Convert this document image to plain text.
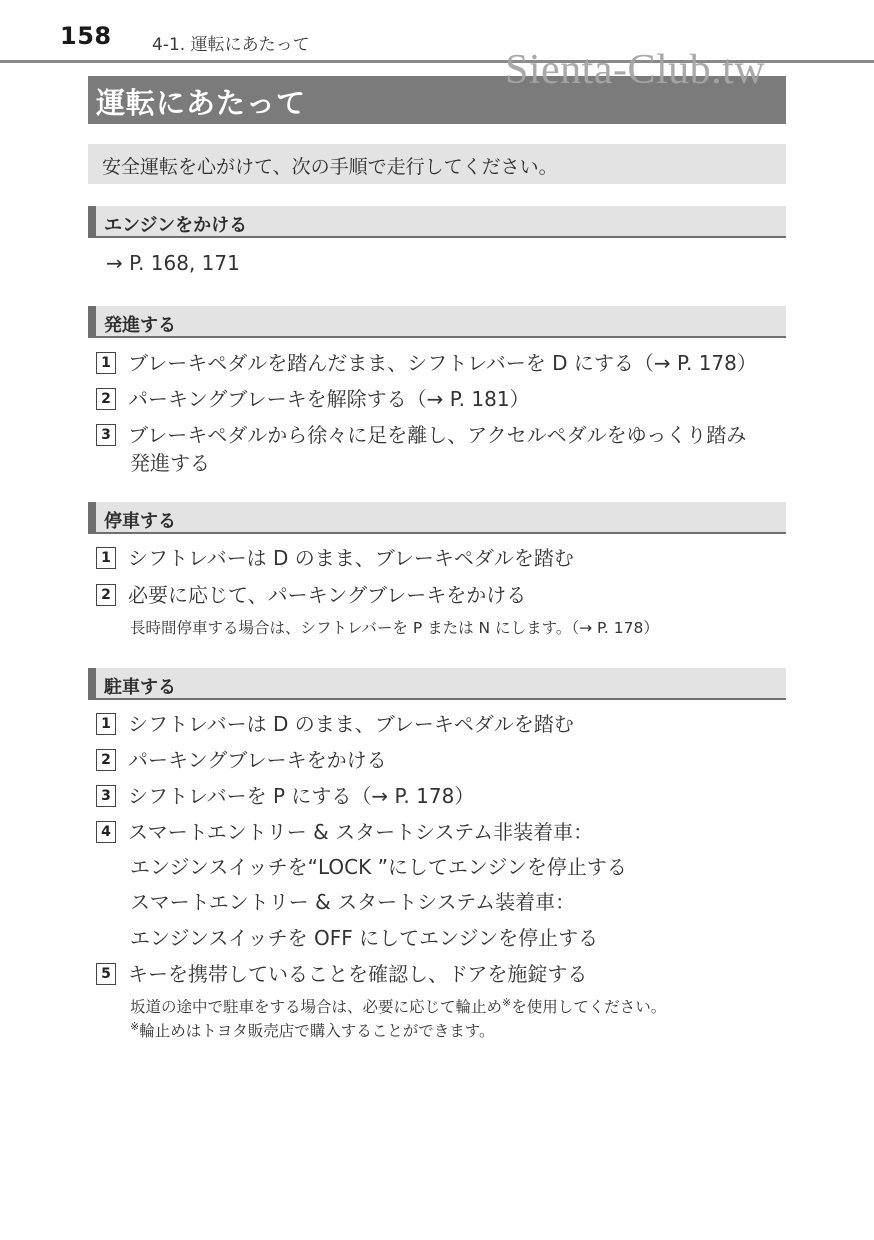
158 4-1. 運転にあたって
運転にあたって
Sienta-Club.tw
安全運転を心がけて、次の手順で走行してください。
エンジンをかける
→ P. 168, 171
発進する
1 ブレーキペダルを踏んだまま、シフトレバーを D にする（→ P. 178）
2 パーキングブレーキを解除する（→ P. 181）
3 ブレーキペダルから徐々に足を離し、アクセルペダルをゆっくり踏み
発進する
停車する
1 シフトレバーは D のまま、ブレーキペダルを踏む
2 必要に応じて、パーキングブレーキをかける
長時間停車する場合は、シフトレバーを P または N にします。（→ P. 178）
駐車する
1 シフトレバーは D のまま、ブレーキペダルを踏む
2 パーキングブレーキをかける
3 シフトレバーを P にする（→ P. 178）
4 スマートエントリー & スタートシステム非装着車：
エンジンスイッチを“LOCK ”にしてエンジンを停止する
スマートエントリー & スタートシステム装着車：
エンジンスイッチを OFF にしてエンジンを停止する
5 キーを携帯していることを確認し、ドアを施錠する
坂道の途中で駐車をする場合は、必要に応じて輪止め※を使用してください。
※輪止めはトヨタ販売店で購入することができます。
